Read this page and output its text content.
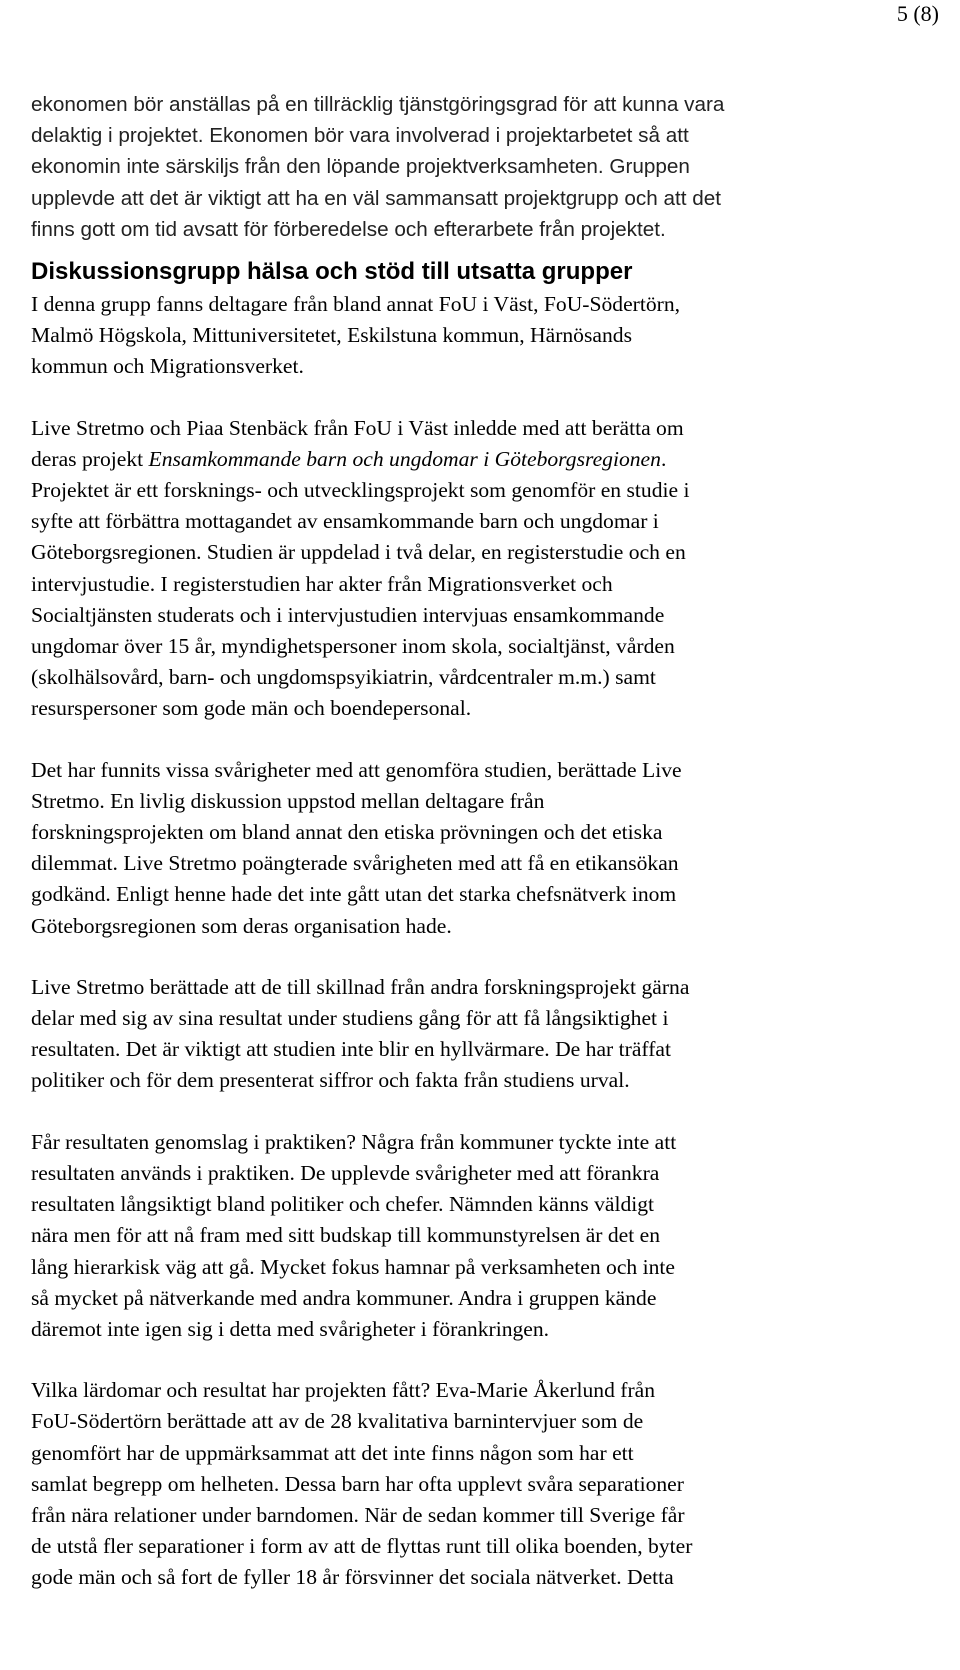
5 (8)

ekonomen bör anställas på en tillräcklig tjänstgöringsgrad för att kunna vara
delaktig i projektet. Ekonomen bör vara involverad i projektarbetet så att
ekonomin inte särskiljs från den löpande projektverksamheten. Gruppen
upplevde att det är viktigt att ha en väl sammansatt projektgrupp och att det
finns gott om tid avsatt för förberedelse och efterarbete från projektet.

Diskussionsgrupp hälsa och stöd till utsatta grupper

I denna grupp fanns deltagare från bland annat FoU i Väst, FoU-Södertörn,
Malmö Högskola, Mittuniversitetet, Eskilstuna kommun, Härnösands
kommun och Migrationsverket.

Live Stretmo och Piaa Stenbäck från FoU i Väst inledde med att berätta om
deras projekt Ensamkommande barn och ungdomar i Göteborgsregionen.
Projektet är ett forsknings- och utvecklingsprojekt som genomför en studie i
syfte att förbättra mottagandet av ensamkommande barn och ungdomar i
Göteborgsregionen. Studien är uppdelad i två delar, en registerstudie och en
intervjustudie. I registerstudien har akter från Migrationsverket och
Socialtjänsten studerats och i intervjustudien intervjuas ensamkommande
ungdomar över 15 år, myndighetspersoner inom skola, socialtjänst, vården
(skolhälsovård, barn- och ungdomspsyikiatrin, vårdcentraler m.m.) samt
resurspersoner som gode män och boendepersonal.

Det har funnits vissa svårigheter med att genomföra studien, berättade Live
Stretmo. En livlig diskussion uppstod mellan deltagare från
forskningsprojekten om bland annat den etiska prövningen och det etiska
dilemmat. Live Stretmo poängterade svårigheten med att få en etikansökan
godkänd. Enligt henne hade det inte gått utan det starka chefsnätverk inom
Göteborgsregionen som deras organisation hade.

Live Stretmo berättade att de till skillnad från andra forskningsprojekt gärna
delar med sig av sina resultat under studiens gång för att få långsiktighet i
resultaten. Det är viktigt att studien inte blir en hyllvärmare. De har träffat
politiker och för dem presenterat siffror och fakta från studiens urval.

Får resultaten genomslag i praktiken? Några från kommuner tyckte inte att
resultaten används i praktiken. De upplevde svårigheter med att förankra
resultaten långsiktigt bland politiker och chefer. Nämnden känns väldigt
nära men för att nå fram med sitt budskap till kommunstyrelsen är det en
lång hierarkisk väg att gå. Mycket fokus hamnar på verksamheten och inte
så mycket på nätverkande med andra kommuner. Andra i gruppen kände
däremot inte igen sig i detta med svårigheter i förankringen.

Vilka lärdomar och resultat har projekten fått? Eva-Marie Åkerlund från
FoU-Södertörn berättade att av de 28 kvalitativa barnintervjuer som de
genomfört har de uppmärksammat att det inte finns någon som har ett
samlat begrepp om helheten. Dessa barn har ofta upplevt svåra separationer
från nära relationer under barndomen. När de sedan kommer till Sverige får
de utstå fler separationer i form av att de flyttas runt till olika boenden, byter
gode män och så fort de fyller 18 år försvinner det sociala nätverket. Detta
